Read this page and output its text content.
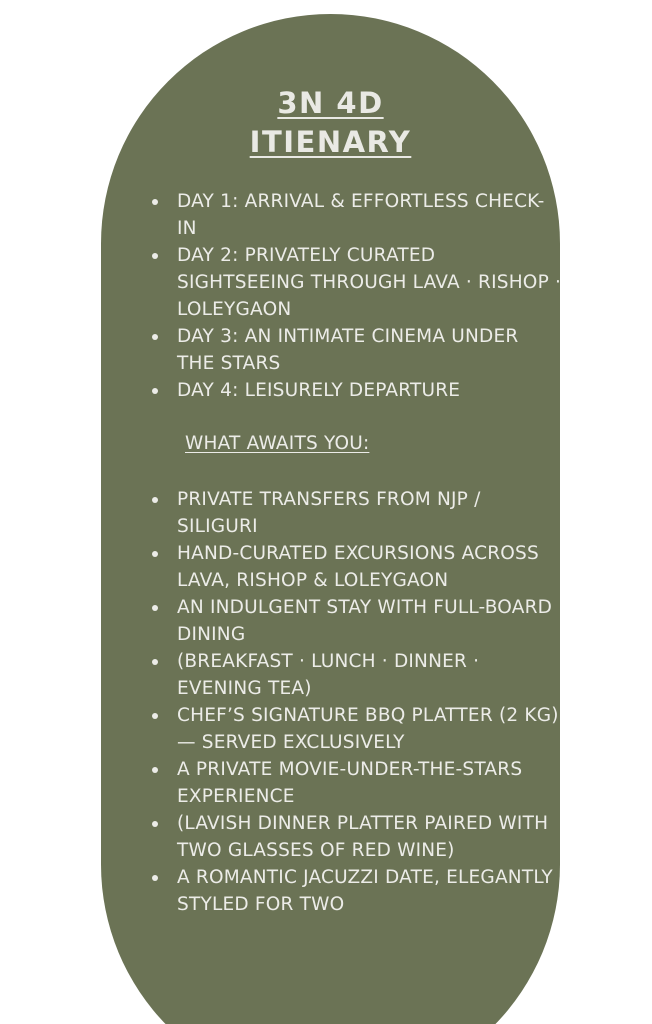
3N 4D
ITIENARY
DAY 1: ARRIVAL & EFFORTLESS CHECK-IN
DAY 2: PRIVATELY CURATED SIGHTSEEING THROUGH LAVA · RISHOP · LOLEYGAON
DAY 3: AN INTIMATE CINEMA UNDER THE STARS
DAY 4: LEISURELY DEPARTURE

WHAT AWAITS YOU:

PRIVATE TRANSFERS FROM NJP / SILIGURI
HAND-CURATED EXCURSIONS ACROSS LAVA, RISHOP & LOLEYGAON
AN INDULGENT STAY WITH FULL-BOARD DINING
(BREAKFAST · LUNCH · DINNER · EVENING TEA)
CHEF’S SIGNATURE BBQ PLATTER (2 KG) — SERVED EXCLUSIVELY
A PRIVATE MOVIE-UNDER-THE-STARS EXPERIENCE
(LAVISH DINNER PLATTER PAIRED WITH TWO GLASSES OF RED WINE)
A ROMANTIC JACUZZI DATE, ELEGANTLY STYLED FOR TWO
